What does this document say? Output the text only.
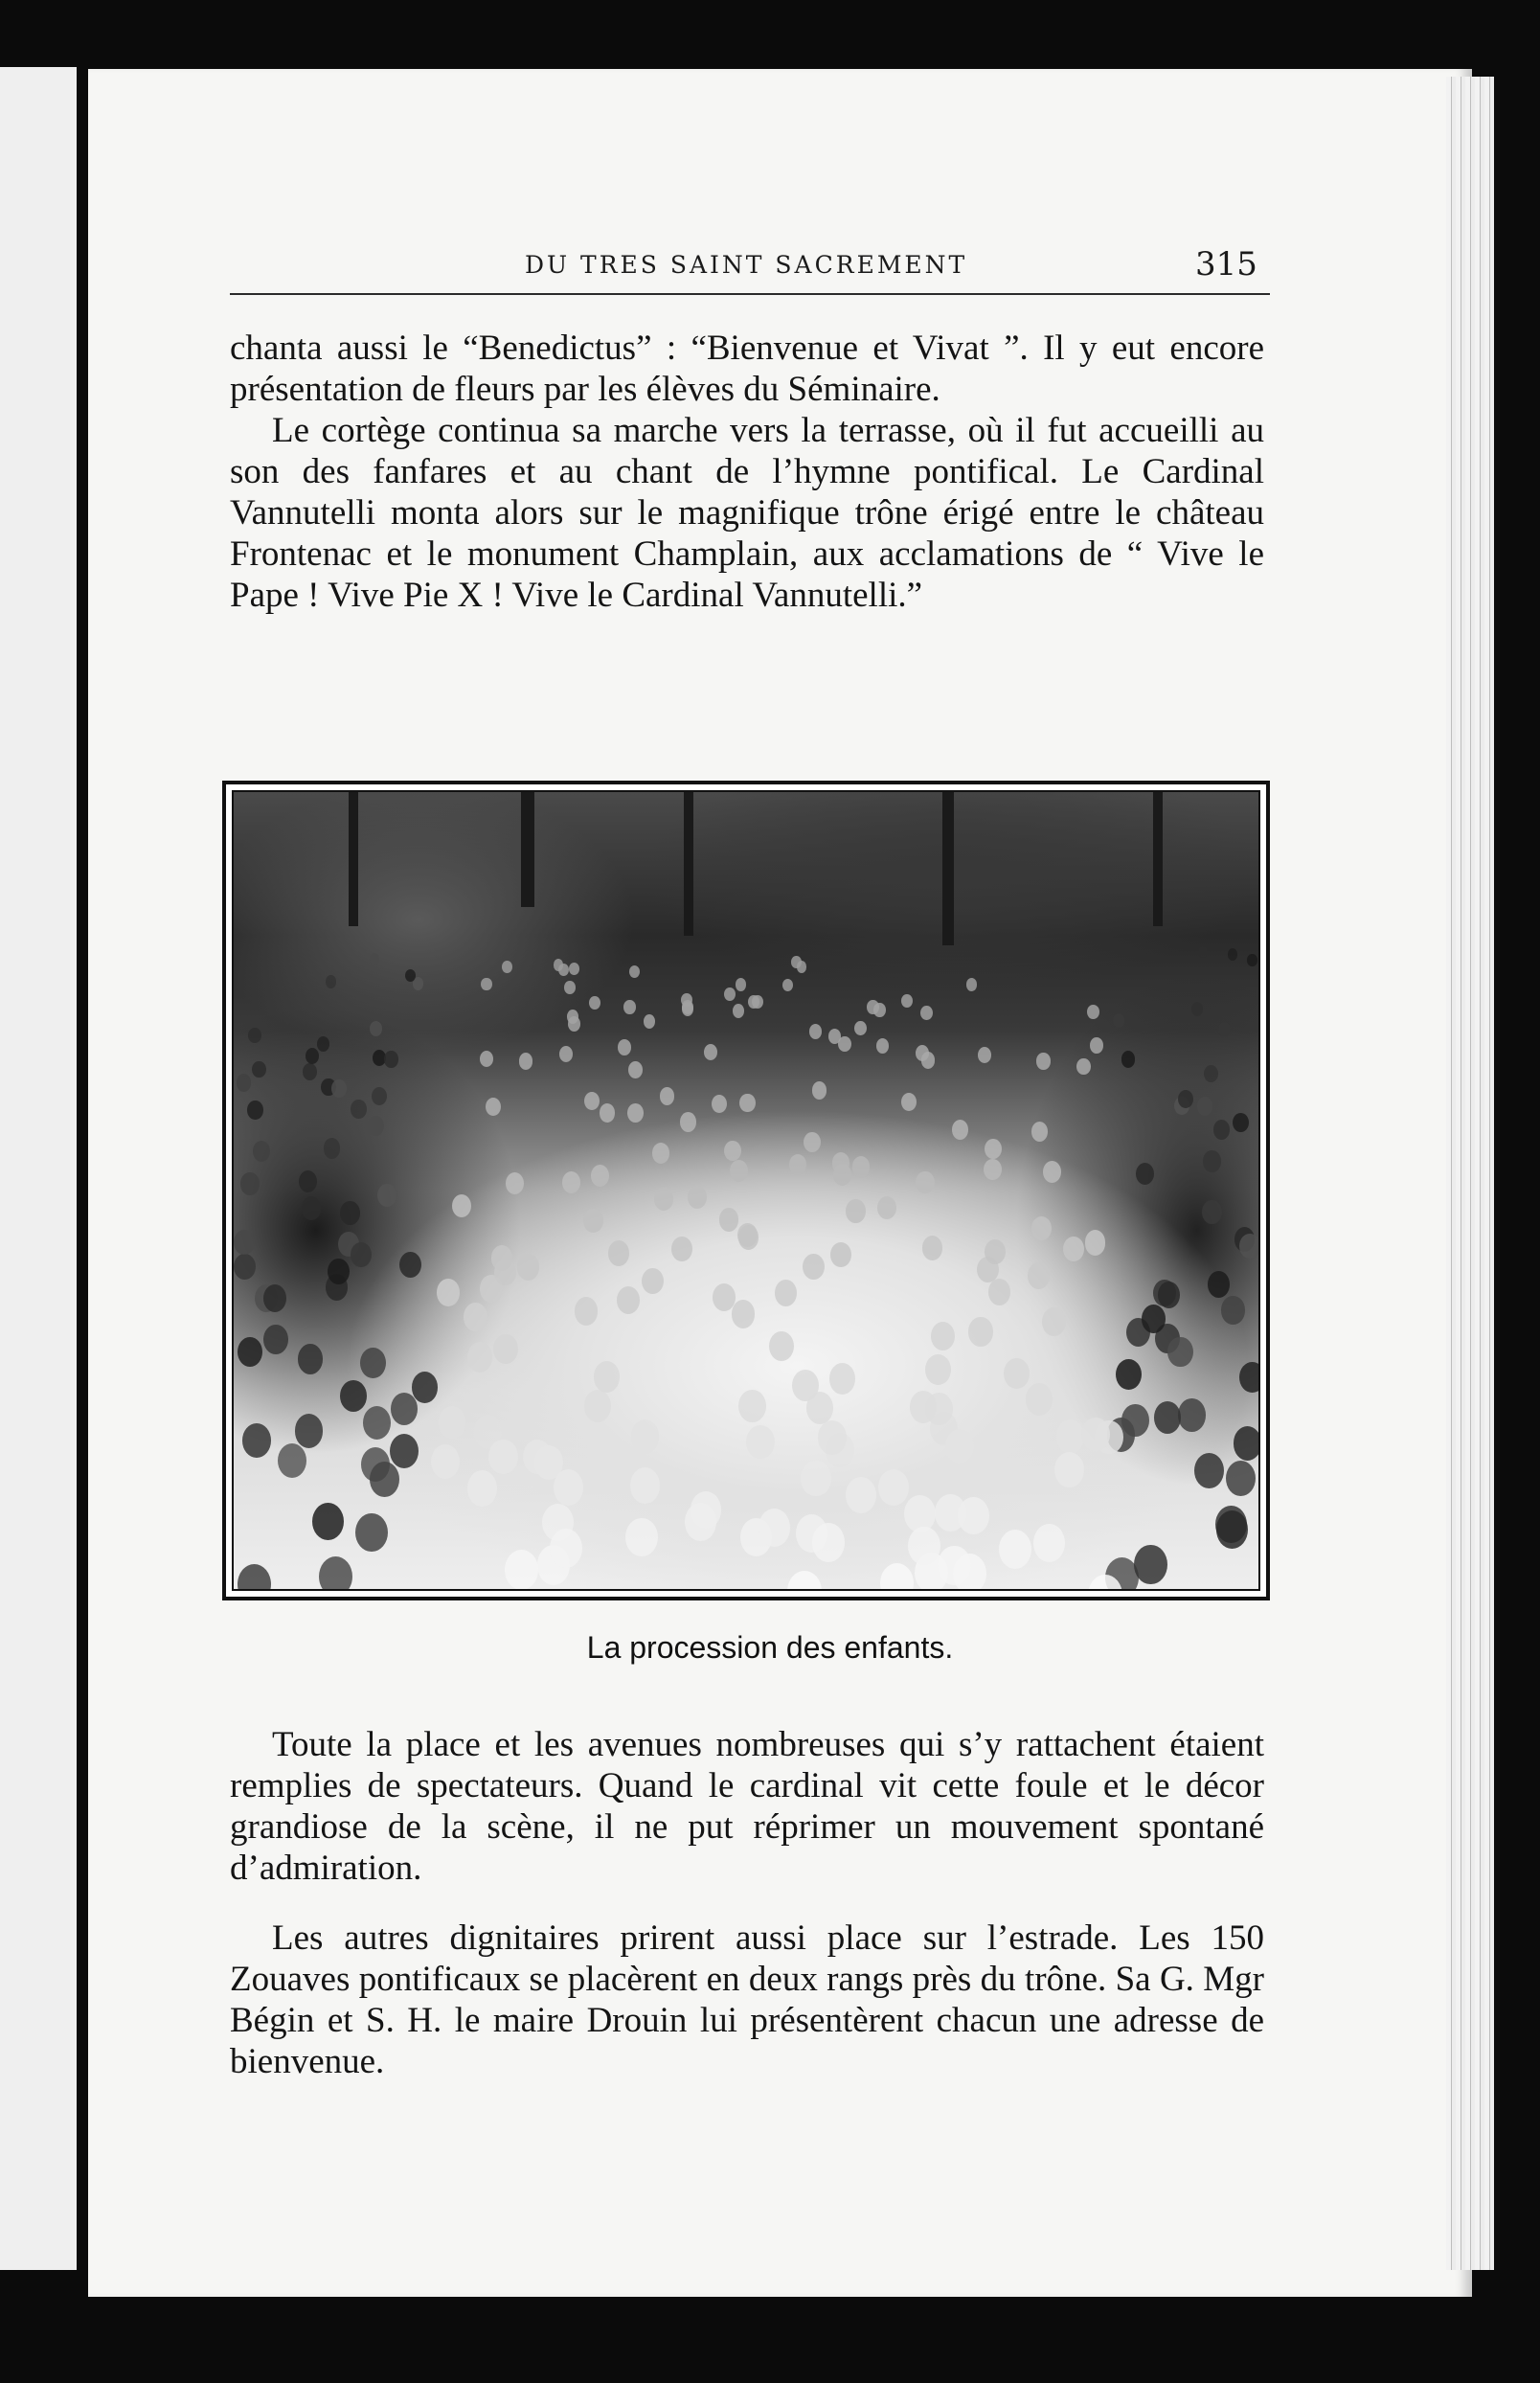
DU TRES SAINT SACREMENT	315

chanta aussi le “Benedictus” : “Bienvenue et Vivat ”. Il y eut encore présentation de fleurs par les élèves du Séminaire.

Le cortège continua sa marche vers la terrasse, où il fut accueilli au son des fanfares et au chant de l’hymne pontifical. Le Cardinal Vannutelli monta alors sur le magnifique trône érigé entre le château Frontenac et le monument Champlain, aux acclamations de “ Vive le Pape ! Vive Pie X ! Vive le Cardinal Vannutelli.”

La procession des enfants.

Toute la place et les avenues nombreuses qui s’y rattachent étaient remplies de spectateurs. Quand le cardinal vit cette foule et le décor grandiose de la scène, il ne put réprimer un mouvement spontané d’admiration.

Les autres dignitaires prirent aussi place sur l’estrade. Les 150 Zouaves pontificaux se placèrent en deux rangs près du trône. Sa G. Mgr Bégin et S. H. le maire Drouin lui présentèrent chacun une adresse de bienvenue.
